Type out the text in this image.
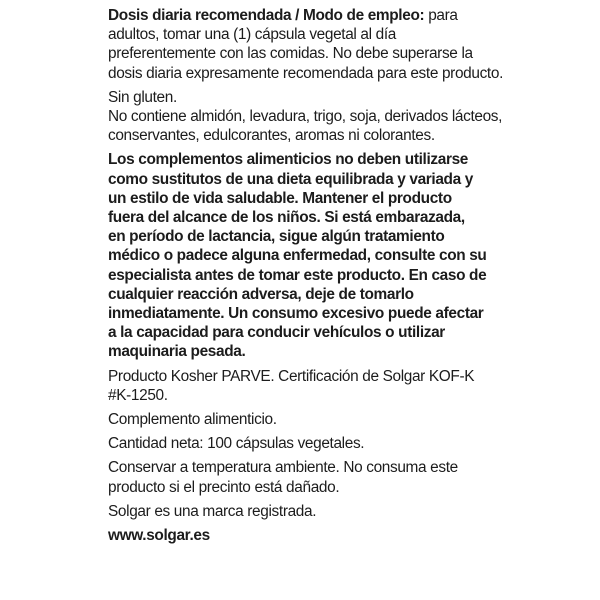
Dosis diaria recomendada / Modo de empleo: para
adultos, tomar una (1) cápsula vegetal al día
preferentemente con las comidas. No debe superarse la
dosis diaria expresamente recomendada para este producto.
Sin gluten.
No contiene almidón, levadura, trigo, soja, derivados lácteos,
conservantes, edulcorantes, aromas ni colorantes.
Los complementos alimenticios no deben utilizarse
como sustitutos de una dieta equilibrada y variada y
un estilo de vida saludable. Mantener el producto
fuera del alcance de los niños. Si está embarazada,
en período de lactancia, sigue algún tratamiento
médico o padece alguna enfermedad, consulte con su
especialista antes de tomar este producto. En caso de
cualquier reacción adversa, deje de tomarlo
inmediatamente. Un consumo excesivo puede afectar
a la capacidad para conducir vehículos o utilizar
maquinaria pesada.
Producto Kosher PARVE. Certificación de Solgar KOF-K
#K-1250.
Complemento alimenticio.
Cantidad neta: 100 cápsulas vegetales.
Conservar a temperatura ambiente. No consuma este
producto si el precinto está dañado.
Solgar es una marca registrada.
www.solgar.es
